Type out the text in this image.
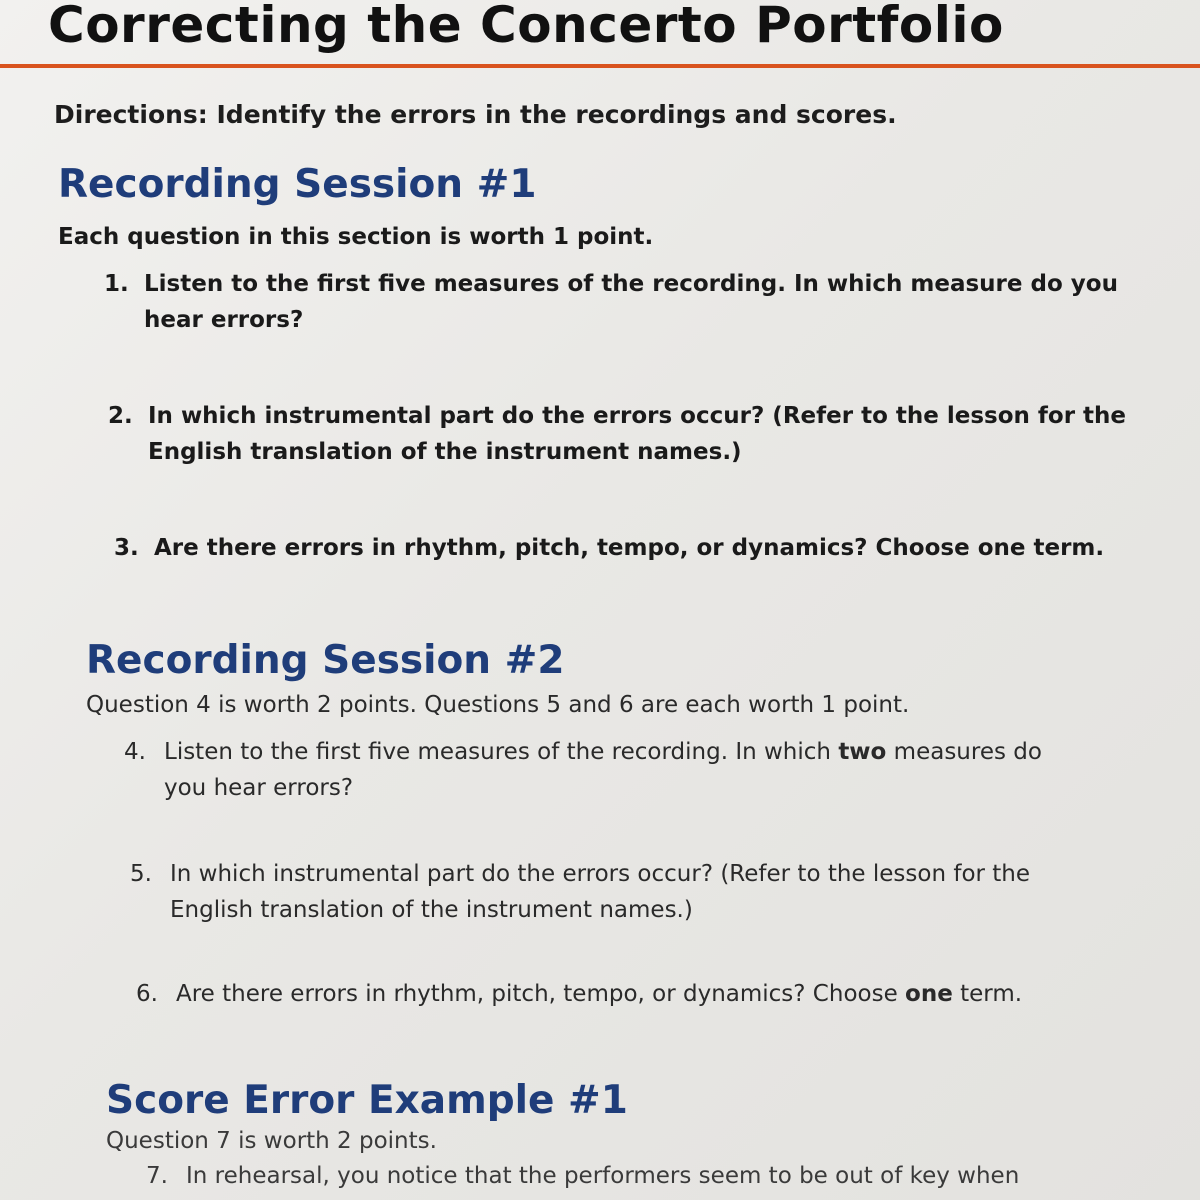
Correcting the Concerto Portfolio
Directions: Identify the errors in the recordings and scores.
Recording Session #1
Each question in this section is worth 1 point.
1. Listen to the first five measures of the recording. In which measure do you
hear errors?
2. In which instrumental part do the errors occur? (Refer to the lesson for the
English translation of the instrument names.)
3. Are there errors in rhythm, pitch, tempo, or dynamics? Choose one term.
Recording Session #2
Question 4 is worth 2 points. Questions 5 and 6 are each worth 1 point.
4. Listen to the first five measures of the recording. In which two measures do
you hear errors?
5. In which instrumental part do the errors occur? (Refer to the lesson for the
English translation of the instrument names.)
6. Are there errors in rhythm, pitch, tempo, or dynamics? Choose one term.
Score Error Example #1
Question 7 is worth 2 points.
7. In rehearsal, you notice that the performers seem to be out of key when
